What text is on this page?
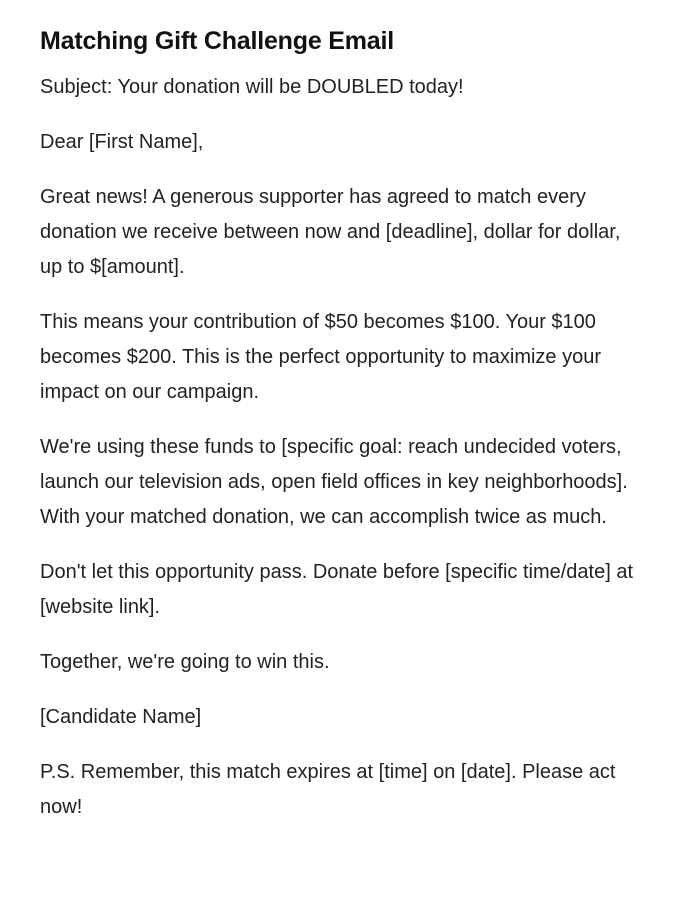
Matching Gift Challenge Email

Subject: Your donation will be DOUBLED today!

Dear [First Name],

Great news! A generous supporter has agreed to match every donation we receive between now and [deadline], dollar for dollar, up to $[amount].

This means your contribution of $50 becomes $100. Your $100 becomes $200. This is the perfect opportunity to maximize your impact on our campaign.

We're using these funds to [specific goal: reach undecided voters, launch our television ads, open field offices in key neighborhoods]. With your matched donation, we can accomplish twice as much.

Don't let this opportunity pass. Donate before [specific time/date] at [website link].

Together, we're going to win this.

[Candidate Name]

P.S. Remember, this match expires at [time] on [date]. Please act now!
